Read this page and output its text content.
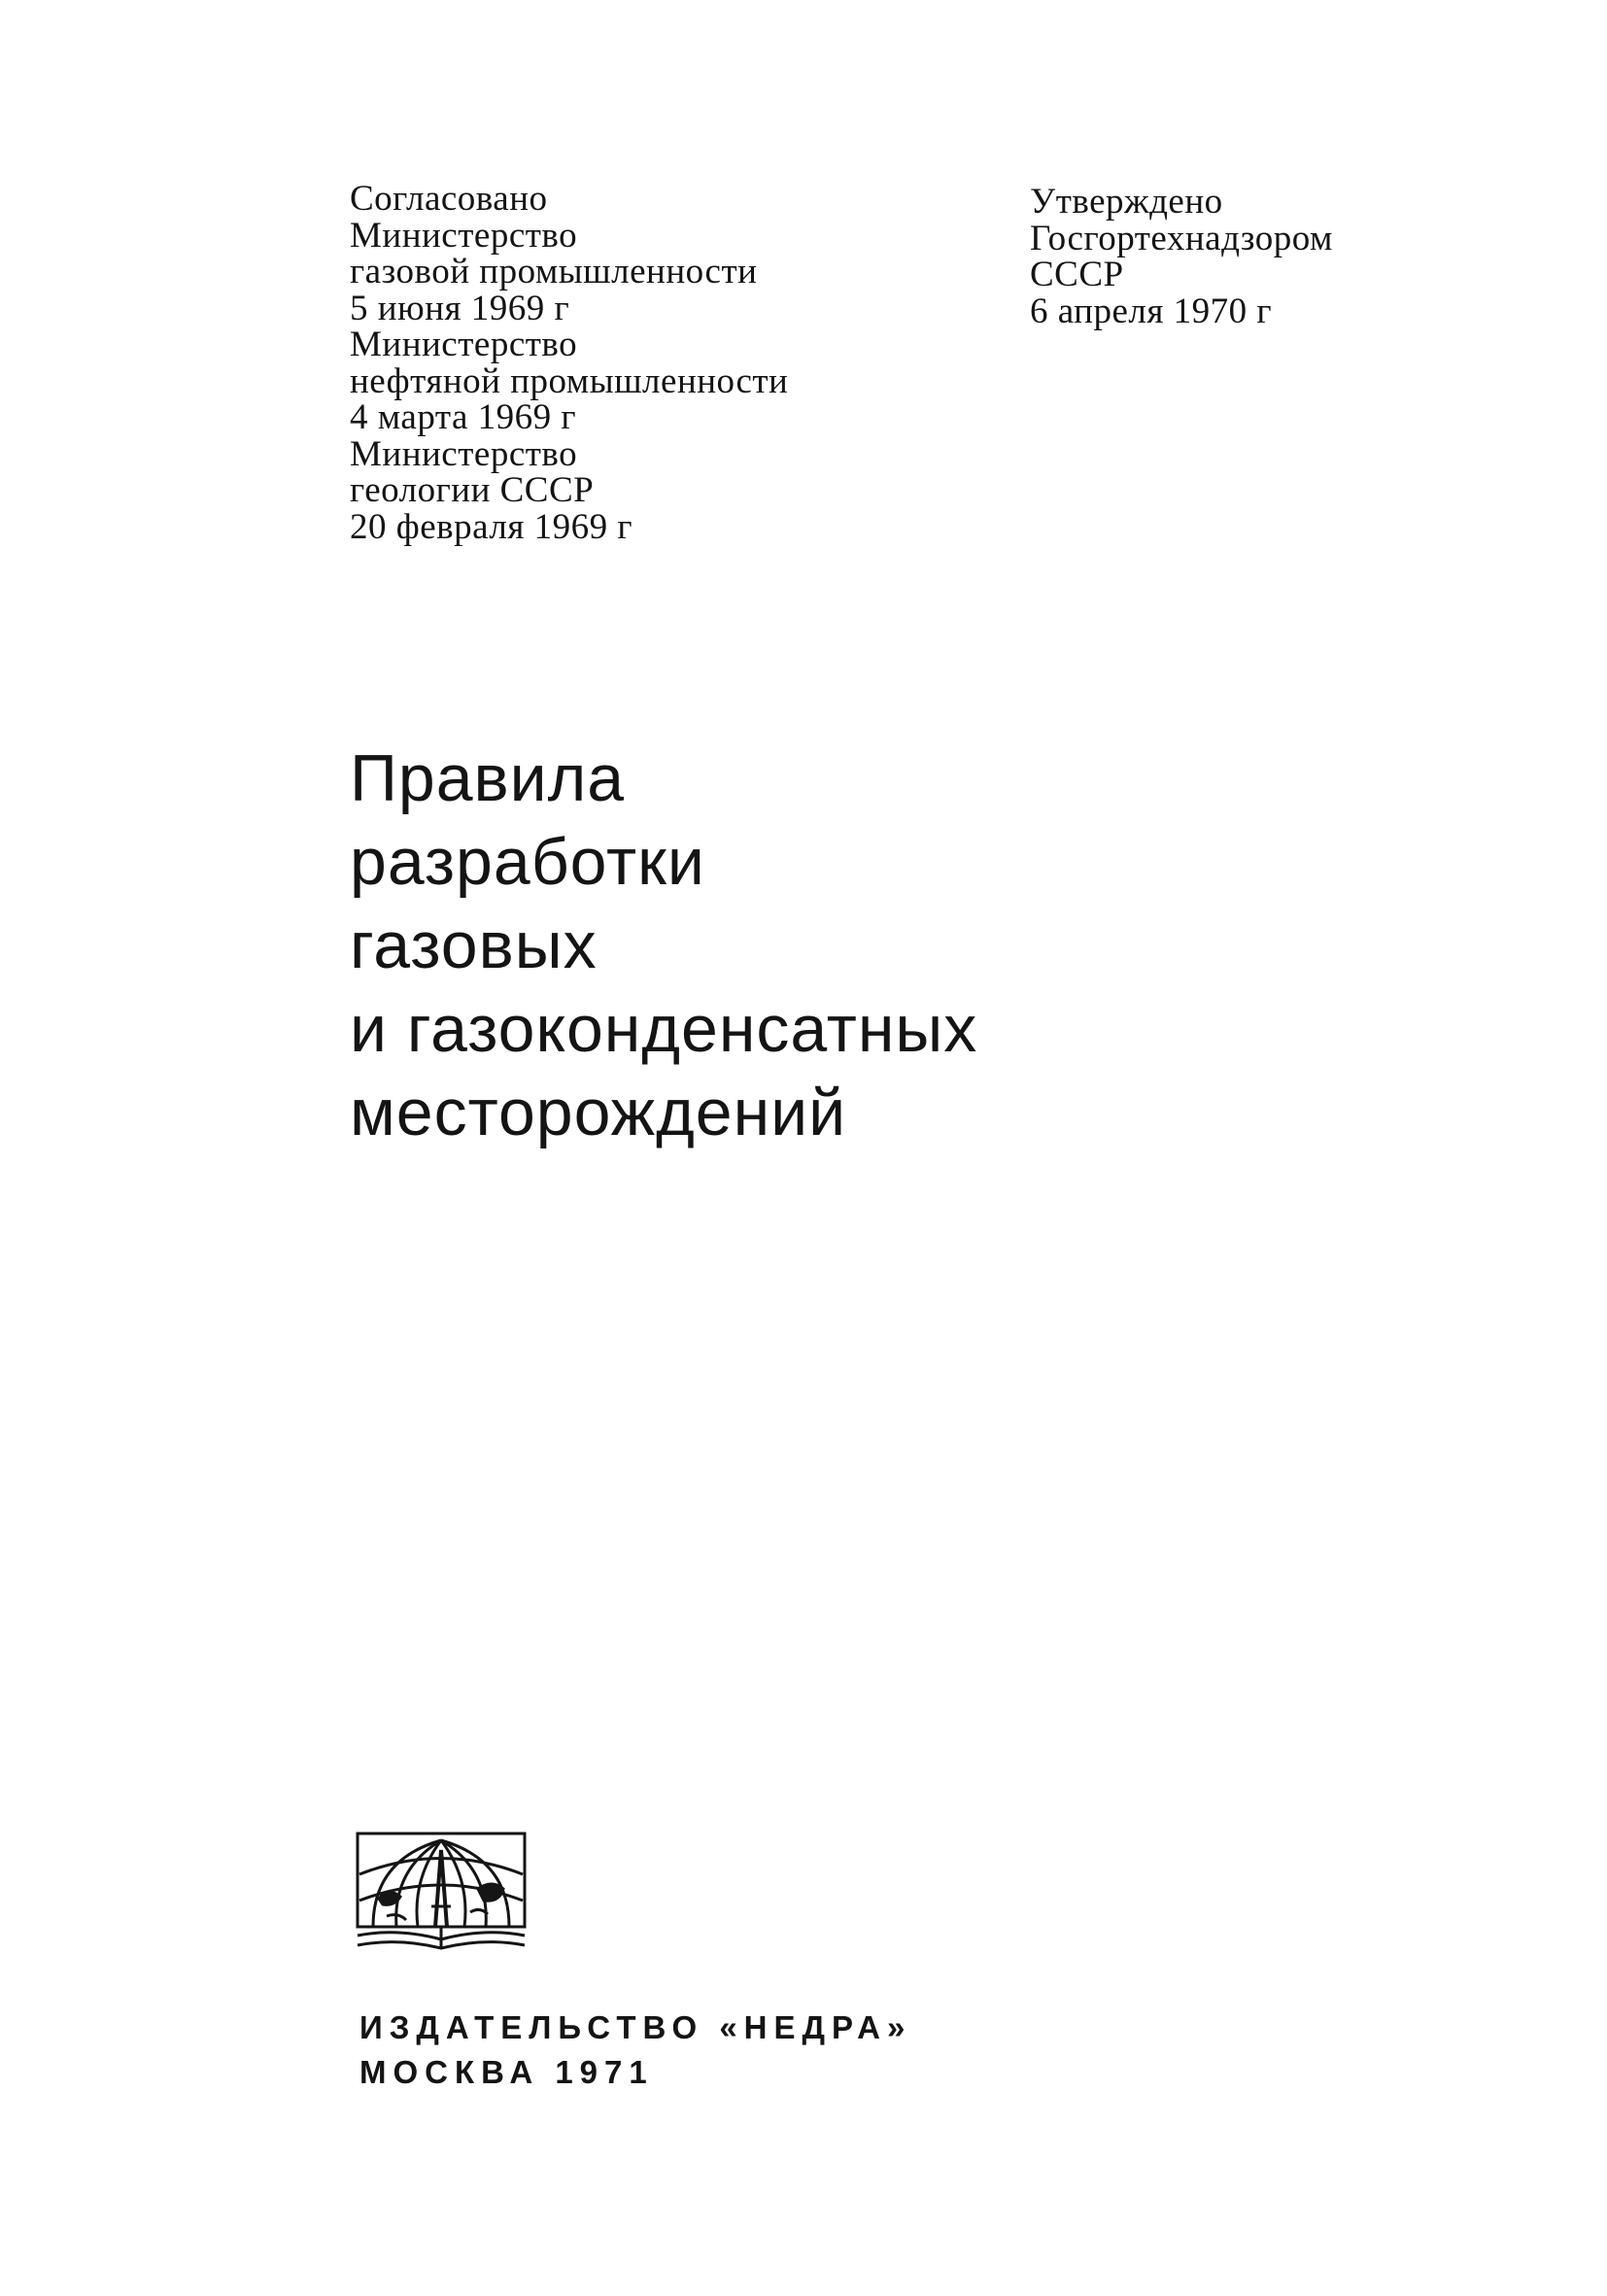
Согласовано
Министерство
газовой промышленности
5 июня 1969 г
Министерство
нефтяной промышленности
4 марта 1969 г
Министерство
геологии СССР
20 февраля 1969 г
Утверждено
Госгортехнадзором
СССР
6 апреля 1970 г
Правила
разработки
газовых
и газоконденсатных
месторождений
ИЗДАТЕЛЬСТВО «НЕДРА»
МОСКВА 1971
